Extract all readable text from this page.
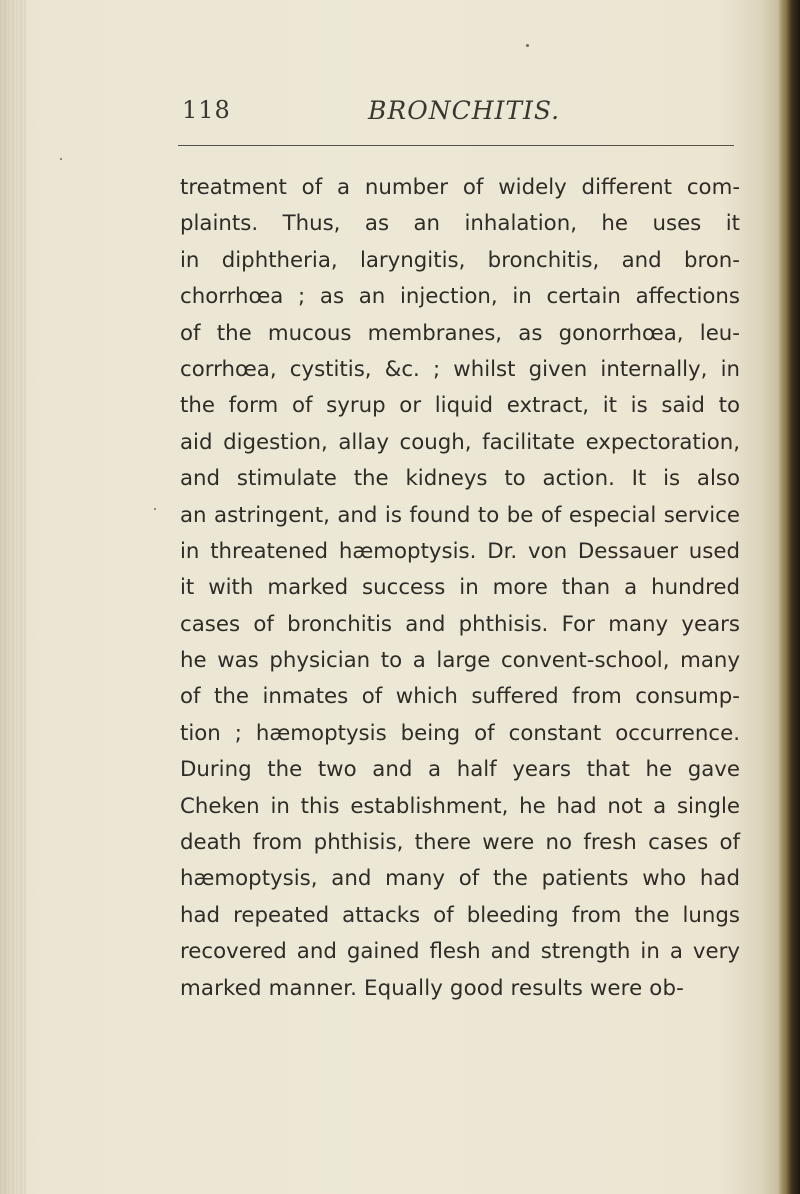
118	BRONCHITIS.
treatment of a number of widely different com-
plaints. Thus, as an inhalation, he uses it
in diphtheria, laryngitis, bronchitis, and bron-
chorrhœa ; as an injection, in certain affections
of the mucous membranes, as gonorrhœa, leu-
corrhœa, cystitis, &c. ; whilst given internally, in
the form of syrup or liquid extract, it is said to
aid digestion, allay cough, facilitate expectoration,
and stimulate the kidneys to action. It is also
an astringent, and is found to be of especial service
in threatened hæmoptysis. Dr. von Dessauer used
it with marked success in more than a hundred
cases of bronchitis and phthisis. For many years
he was physician to a large convent-school, many
of the inmates of which suffered from consump-
tion ; hæmoptysis being of constant occurrence.
During the two and a half years that he gave
Cheken in this establishment, he had not a single
death from phthisis, there were no fresh cases of
hæmoptysis, and many of the patients who had
had repeated attacks of bleeding from the lungs
recovered and gained flesh and strength in a very
marked manner. Equally good results were ob-
